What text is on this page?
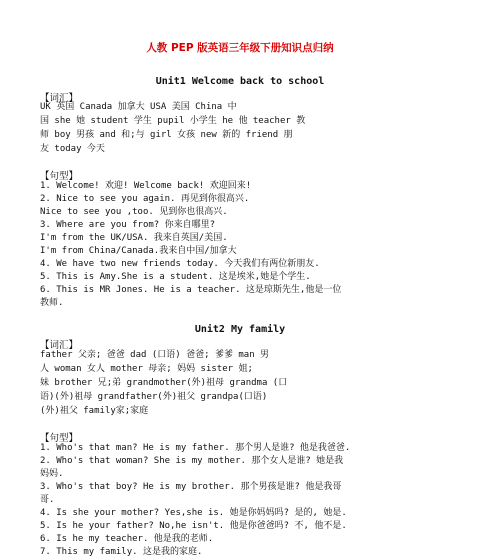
人教 PEP 版英语三年级下册知识点归纳
Unit1 Welcome back to school
【词汇】
UK 英国 Canada 加拿大 USA 美国 China 中
国 she 她 student 学生 pupil 小学生 he 他 teacher 教
师 boy 男孩 and 和;与 girl 女孩 new 新的 friend 朋
友 today 今天
【句型】
1. Welcome! 欢迎! Welcome back! 欢迎回来!
2. Nice to see you again. 再见到你很高兴.
Nice to see you ,too. 见到你也很高兴.
3. Where are you from? 你来自哪里?
I'm from the UK/USA. 我来自英国/美国.
I'm from China/Canada.我来自中国/加拿大
4. We have two new friends today. 今天我们有两位新朋友.
5. This is Amy.She is a student. 这是埃米,她是个学生.
6. This is MR Jones. He is a teacher. 这是琼斯先生,他是一位
教师.
Unit2 My family
【词汇】
father 父亲; 爸爸 dad (口语) 爸爸; 爹爹 man 男
人 woman 女人 mother 母亲; 妈妈 sister 姐;
妹 brother 兄;弟 grandmother(外)祖母 grandma (口
语)(外)祖母 grandfather(外)祖父 grandpa(口语)
(外)祖父 family家;家庭
【句型】
1. Who's that man? He is my father. 那个男人是谁? 他是我爸爸.
2. Who's that woman? She is my mother. 那个女人是谁? 她是我
妈妈.
3. Who's that boy? He is my brother. 那个男孩是谁? 他是我哥
哥.
4. Is she your mother? Yes,she is. 她是你妈妈吗? 是的, 她是.
5. Is he your father? No,he isn't. 他是你爸爸吗? 不, 他不是.
6. Is he my teacher. 他是我的老师.
7. This my family. 这是我的家庭.
